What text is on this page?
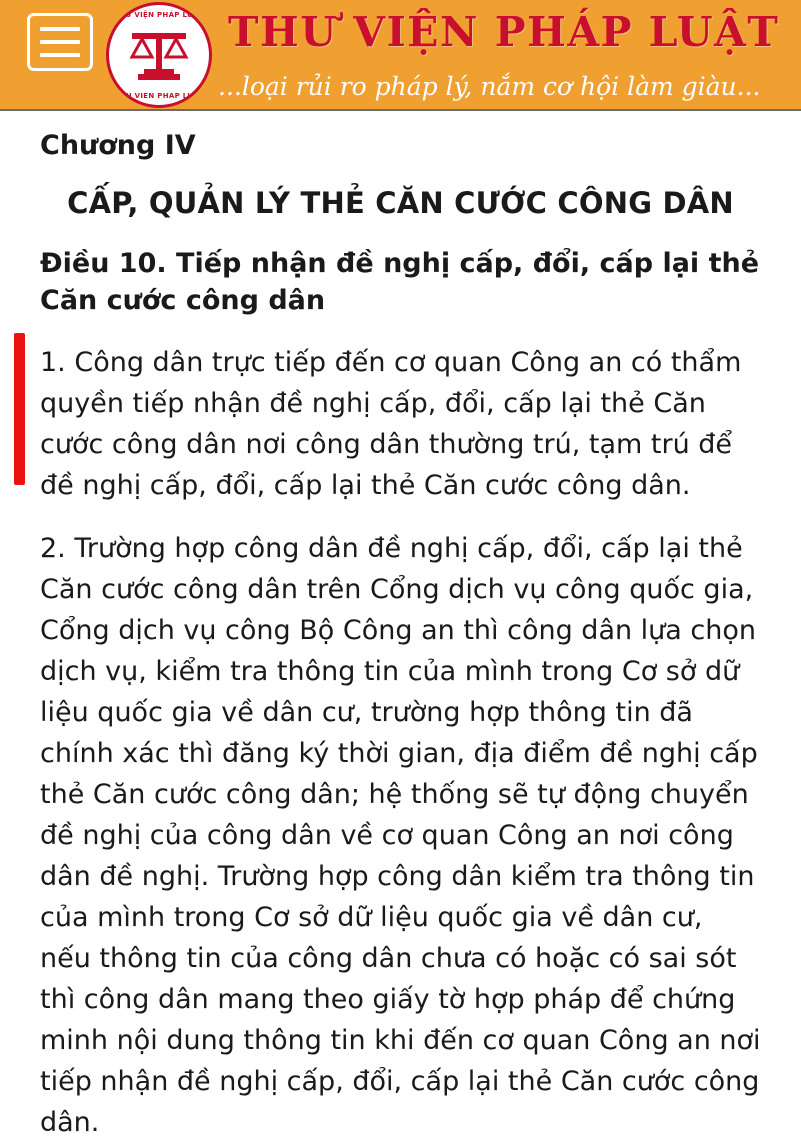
THƯ VIỆN PHÁP LUẬT
THU VIEN PHAP LUAT
THƯ VIỆN PHÁP LUẬT
...loại rủi ro pháp lý, nắm cơ hội làm giàu...
Chương IV
CẤP, QUẢN LÝ THẺ CĂN CƯỚC CÔNG DÂN
Điều 10. Tiếp nhận đề nghị cấp, đổi, cấp lại thẻ Căn cước công dân

1. Công dân trực tiếp đến cơ quan Công an có thẩm quyền tiếp nhận đề nghị cấp, đổi, cấp lại thẻ Căn cước công dân nơi công dân thường trú, tạm trú để đề nghị cấp, đổi, cấp lại thẻ Căn cước công dân.

2. Trường hợp công dân đề nghị cấp, đổi, cấp lại thẻ Căn cước công dân trên Cổng dịch vụ công quốc gia, Cổng dịch vụ công Bộ Công an thì công dân lựa chọn dịch vụ, kiểm tra thông tin của mình trong Cơ sở dữ liệu quốc gia về dân cư, trường hợp thông tin đã chính xác thì đăng ký thời gian, địa điểm đề nghị cấp thẻ Căn cước công dân; hệ thống sẽ tự động chuyển đề nghị của công dân về cơ quan Công an nơi công dân đề nghị. Trường hợp công dân kiểm tra thông tin của mình trong Cơ sở dữ liệu quốc gia về dân cư, nếu thông tin của công dân chưa có hoặc có sai sót thì công dân mang theo giấy tờ hợp pháp để chứng minh nội dung thông tin khi đến cơ quan Công an nơi tiếp nhận đề nghị cấp, đổi, cấp lại thẻ Căn cước công dân.
